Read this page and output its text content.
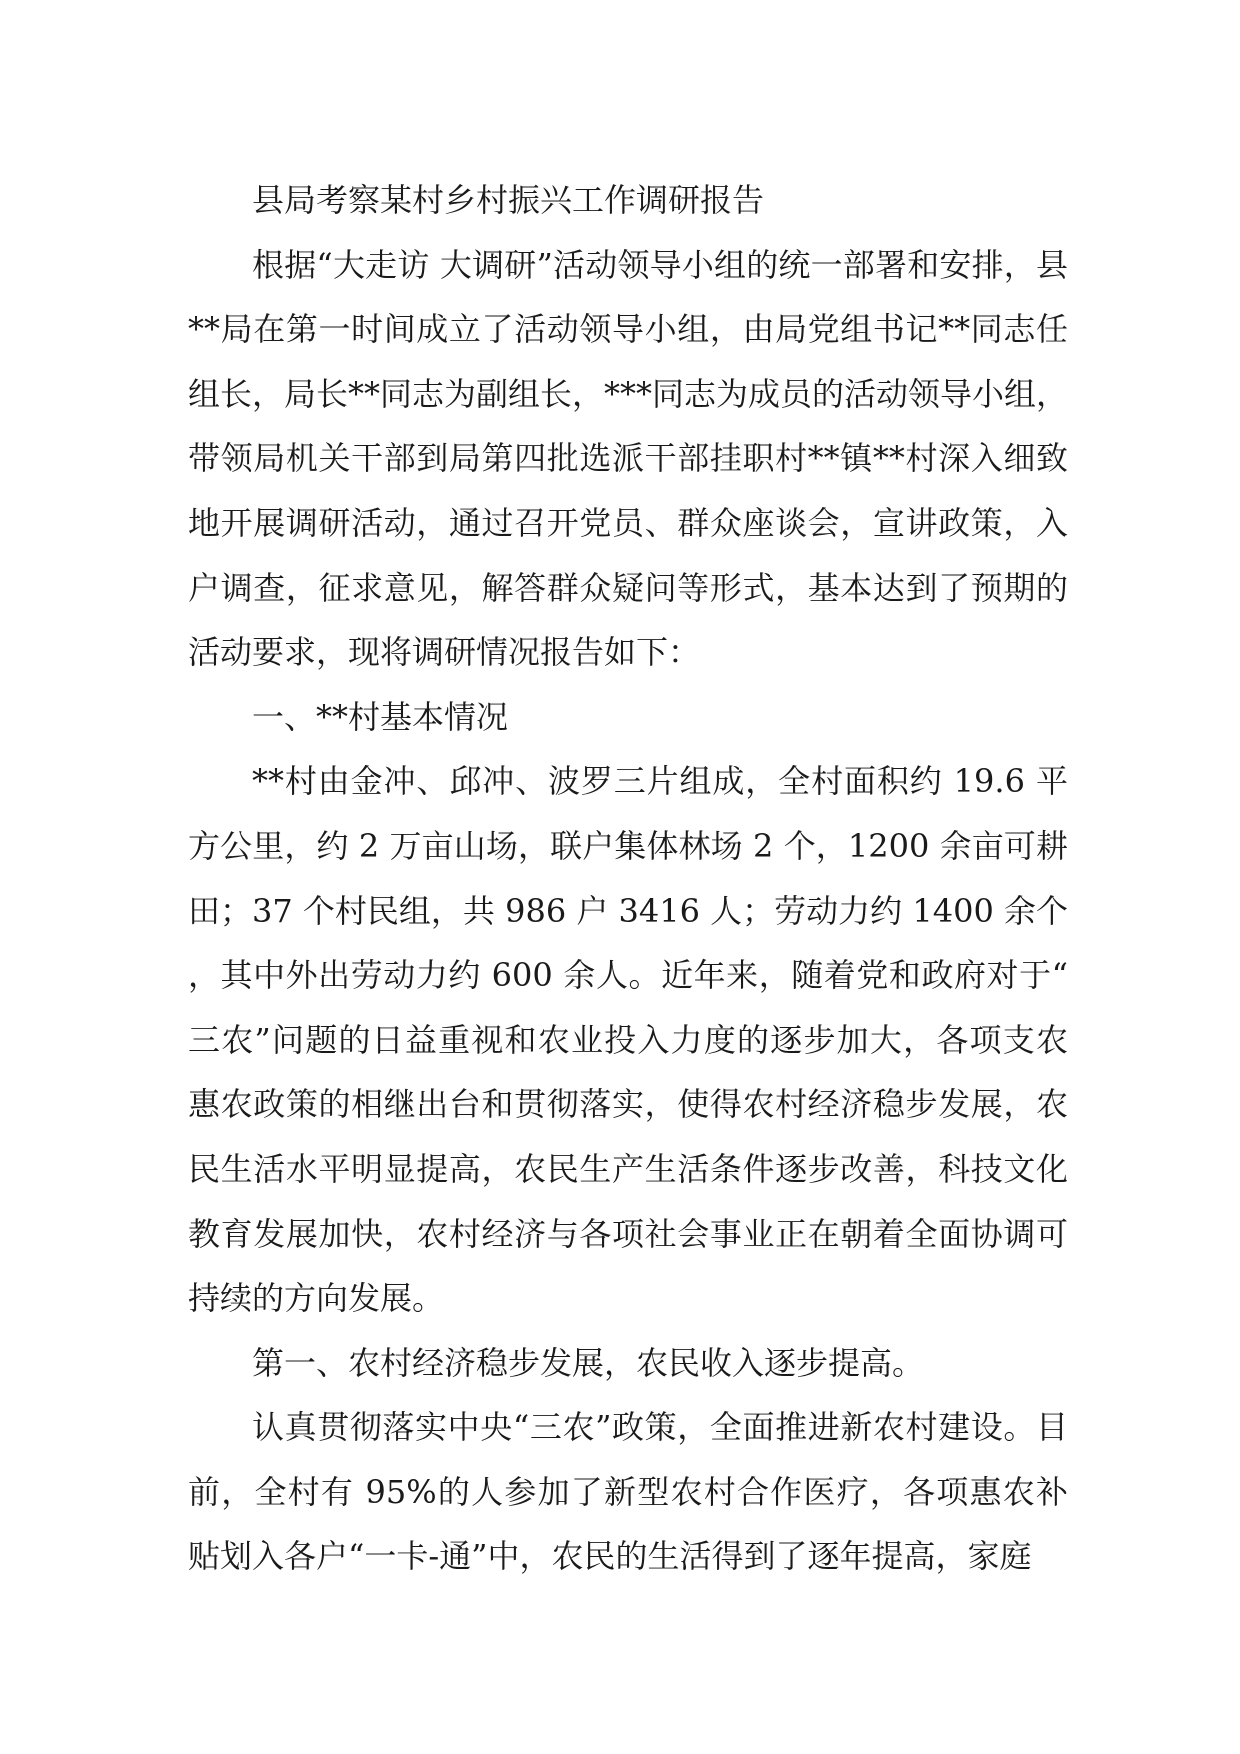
县局考察某村乡村振兴工作调研报告

根据“大走访 大调研”活动领导小组的统一部署和安排，县**局在第一时间成立了活动领导小组，由局党组书记**同志任组长，局长**同志为副组长，***同志为成员的活动领导小组，带领局机关干部到局第四批选派干部挂职村**镇**村深入细致地开展调研活动，通过召开党员、群众座谈会，宣讲政策，入户调查，征求意见，解答群众疑问等形式，基本达到了预期的活动要求，现将调研情况报告如下：

一、**村基本情况

**村由金冲、邱冲、波罗三片组成，全村面积约 19.6 平方公里，约 2 万亩山场，联户集体林场 2 个，1200 余亩可耕田；37 个村民组，共 986 户 3416 人；劳动力约 1400 余个，其中外出劳动力约 600 余人。近年来，随着党和政府对于“三农”问题的日益重视和农业投入力度的逐步加大，各项支农惠农政策的相继出台和贯彻落实，使得农村经济稳步发展，农民生活水平明显提高，农民生产生活条件逐步改善，科技文化教育发展加快，农村经济与各项社会事业正在朝着全面协调可持续的方向发展。

第一、农村经济稳步发展，农民收入逐步提高。

认真贯彻落实中央“三农”政策，全面推进新农村建设。目前，全村有 95%的人参加了新型农村合作医疗，各项惠农补贴划入各户“一卡-通”中，农民的生活得到了逐年提高，家庭
